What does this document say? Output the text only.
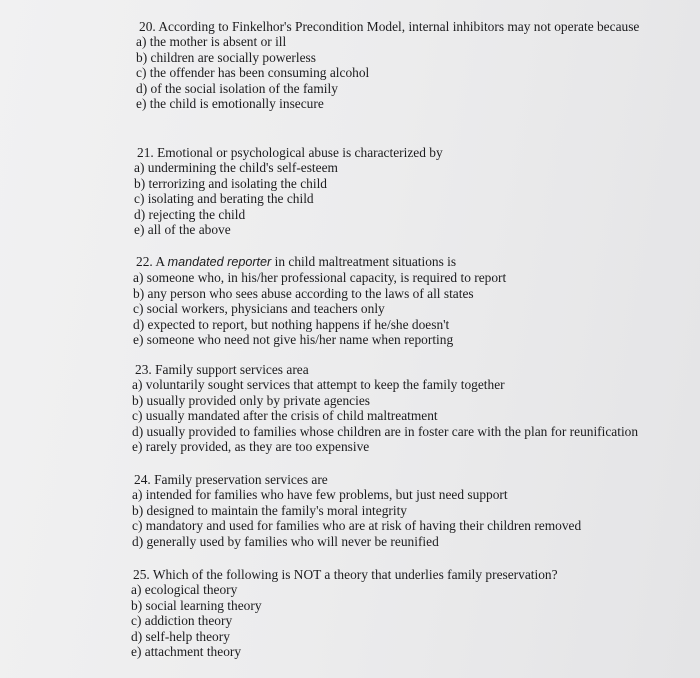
20. According to Finkelhor's Precondition Model, internal inhibitors may not operate because
a) the mother is absent or ill
b) children are socially powerless
c) the offender has been consuming alcohol
d) of the social isolation of the family
e) the child is emotionally insecure
21. Emotional or psychological abuse is characterized by
a) undermining the child's self-esteem
b) terrorizing and isolating the child
c) isolating and berating the child
d) rejecting the child
e) all of the above
22. A mandated reporter in child maltreatment situations is
a) someone who, in his/her professional capacity, is required to report
b) any person who sees abuse according to the laws of all states
c) social workers, physicians and teachers only
d) expected to report, but nothing happens if he/she doesn't
e) someone who need not give his/her name when reporting
23. Family support services area
a) voluntarily sought services that attempt to keep the family together
b) usually provided only by private agencies
c) usually mandated after the crisis of child maltreatment
d) usually provided to families whose children are in foster care with the plan for reunification
e) rarely provided, as they are too expensive
24. Family preservation services are
a) intended for families who have few problems, but just need support
b) designed to maintain the family's moral integrity
c) mandatory and used for families who are at risk of having their children removed
d) generally used by families who will never be reunified
25. Which of the following is NOT a theory that underlies family preservation?
a) ecological theory
b) social learning theory
c) addiction theory
d) self-help theory
e) attachment theory
